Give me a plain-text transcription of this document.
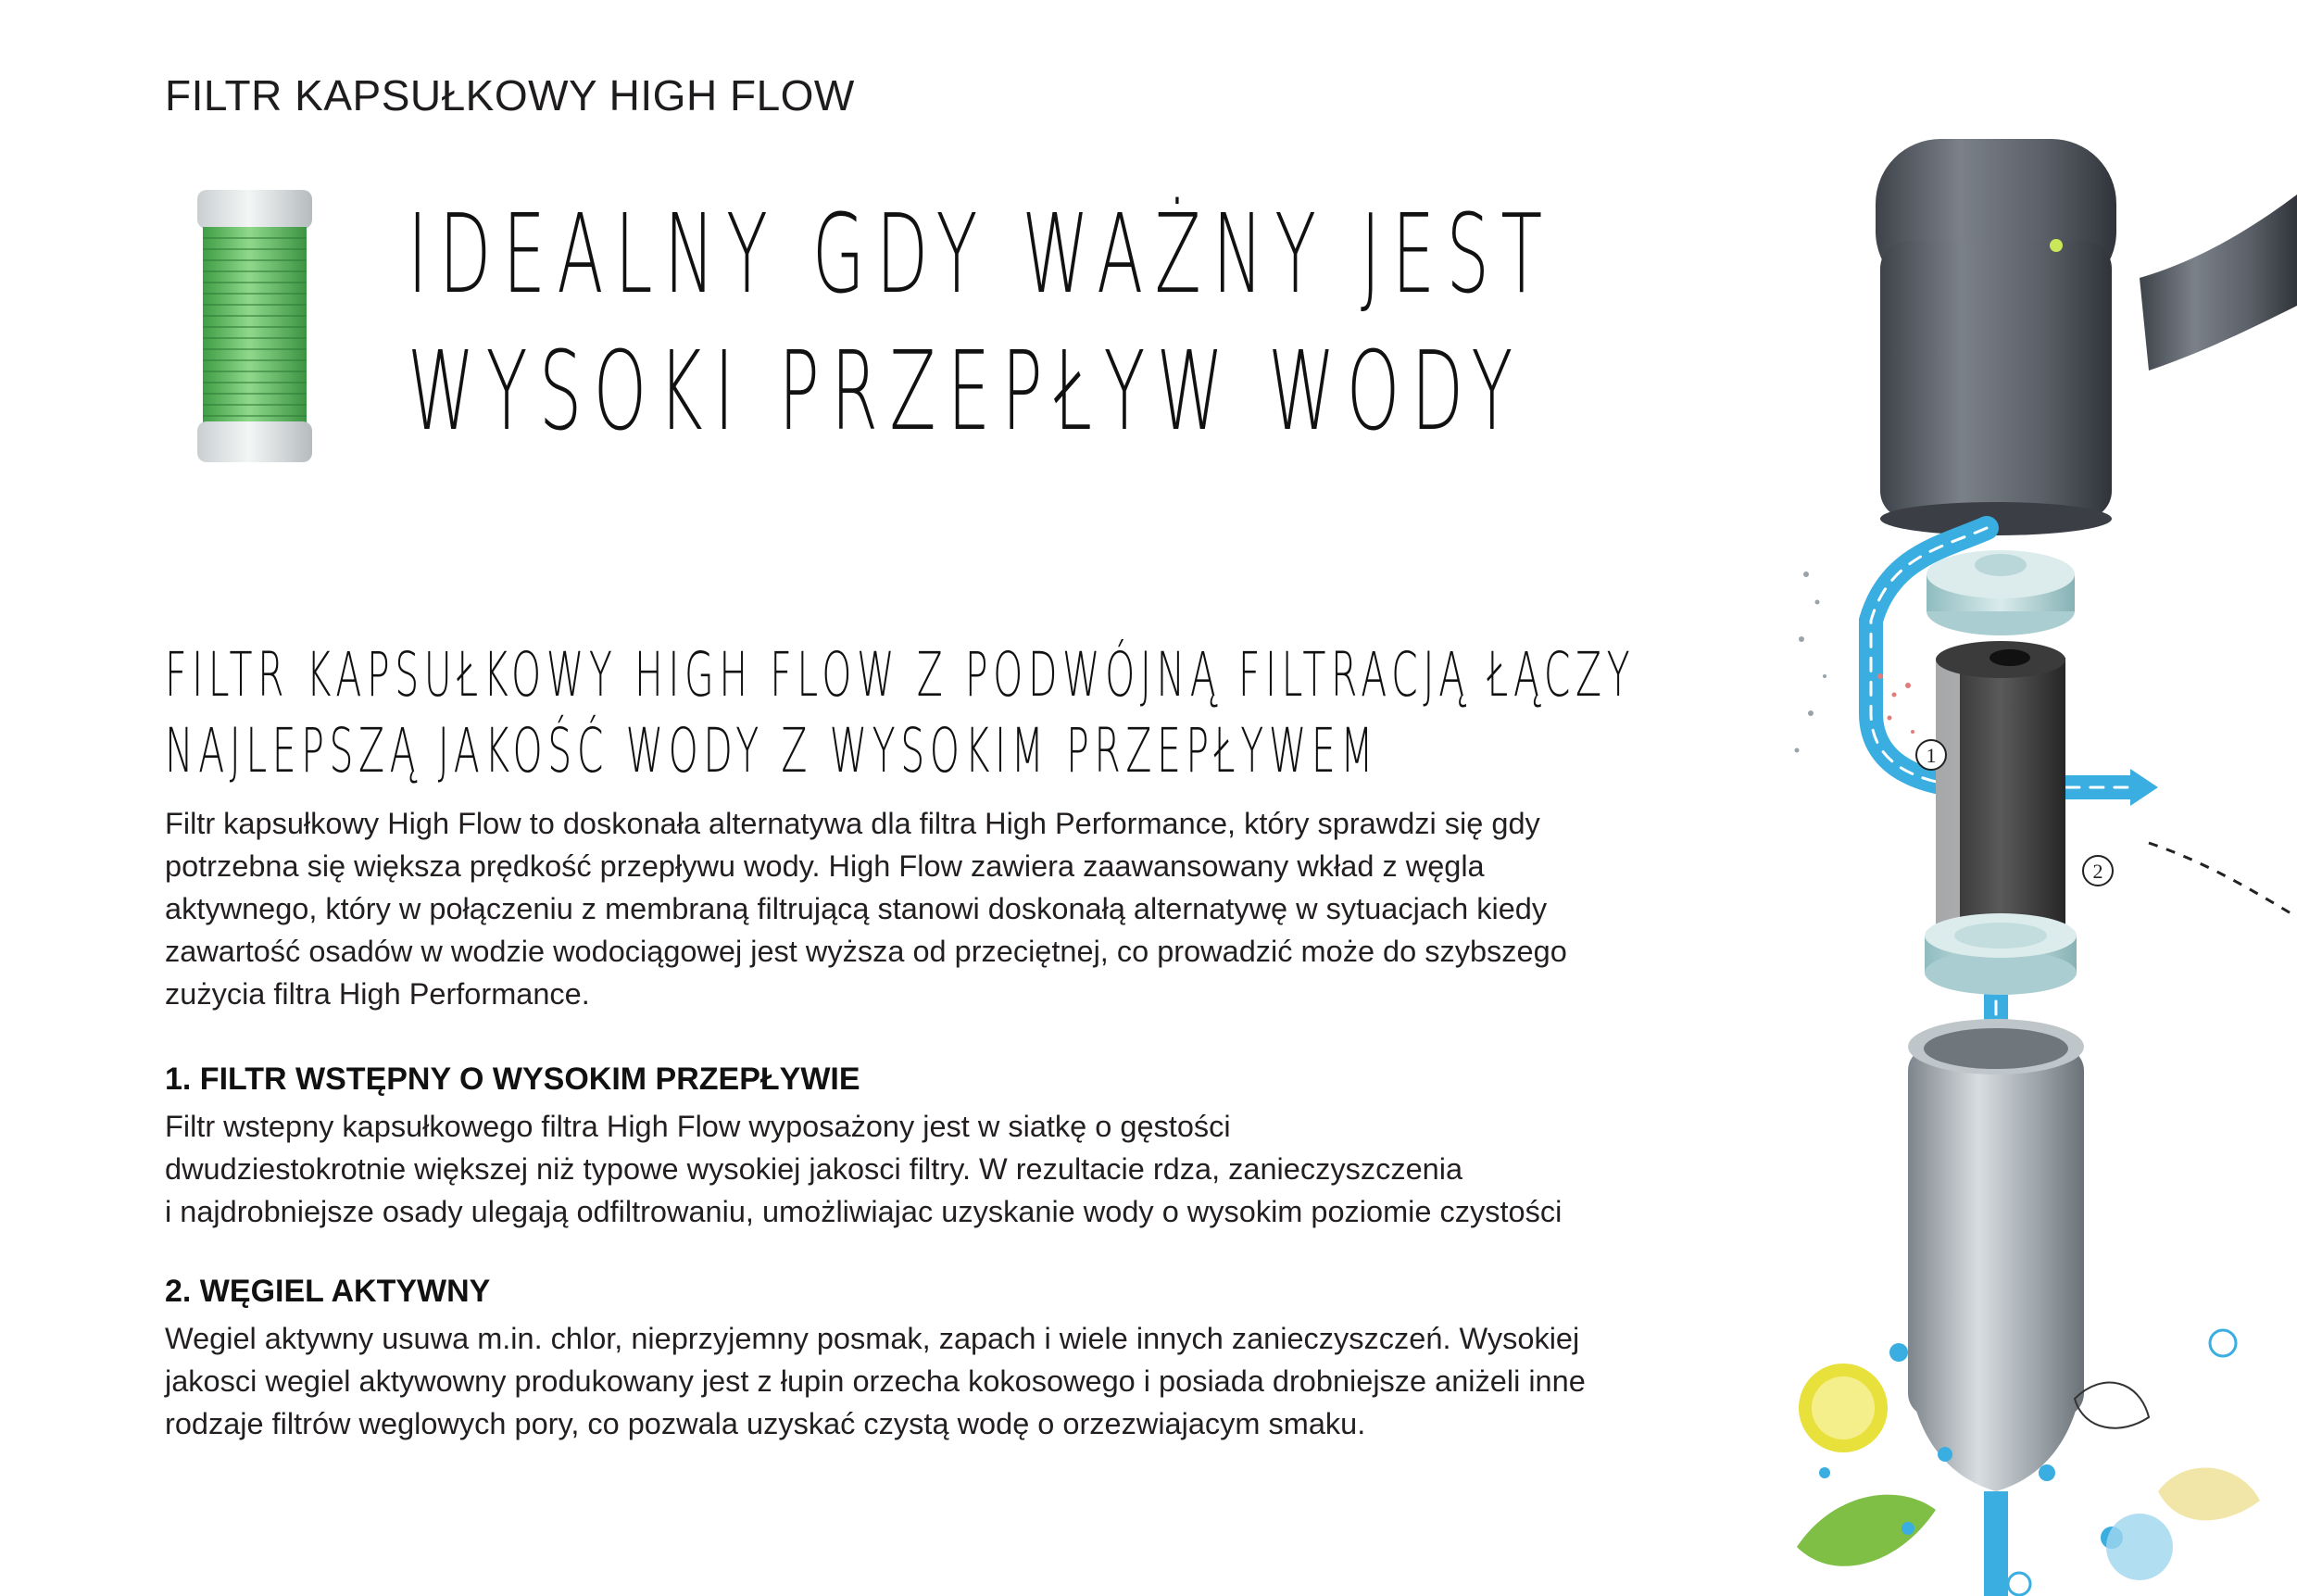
FILTR KAPSUŁKOWY HIGH FLOW
IDEALNY GDY WAŻNY JEST
WYSOKI PRZEPŁYW WODY
FILTR KAPSUŁKOWY HIGH FLOW Z PODWÓJNĄ FILTRACJĄ ŁĄCZY
NAJLEPSZĄ JAKOŚĆ WODY Z WYSOKIM PRZEPŁYWEM
Filtr kapsułkowy High Flow to doskonała alternatywa dla filtra High Performance, który sprawdzi się gdy
potrzebna się większa prędkość przepływu wody. High Flow zawiera zaawansowany wkład z węgla
aktywnego, który w połączeniu z membraną filtrującą stanowi doskonałą alternatywę w sytuacjach kiedy
zawartość osadów w wodzie wodociągowej jest wyższa od przeciętnej, co prowadzić może do szybszego
zużycia filtra High Performance.
1. FILTR WSTĘPNY O WYSOKIM PRZEPŁYWIE
Filtr wstepny kapsułkowego filtra High Flow wyposażony jest w siatkę o gęstości
dwudziestokrotnie większej niż typowe wysokiej jakosci filtry. W rezultacie rdza, zanieczyszczenia
i najdrobniejsze osady ulegają odfiltrowaniu, umożliwiajac uzyskanie wody o wysokim poziomie czystości
2. WĘGIEL AKTYWNY
Wegiel aktywny usuwa m.in. chlor, nieprzyjemny posmak, zapach i wiele innych zanieczyszczeń. Wysokiej
jakosci wegiel aktywowny produkowany jest z łupin orzecha kokosowego i posiada drobniejsze aniżeli inne
rodzaje filtrów weglowych pory, co pozwala uzyskać czystą wodę o orzezwiajacym smaku.
1
2
